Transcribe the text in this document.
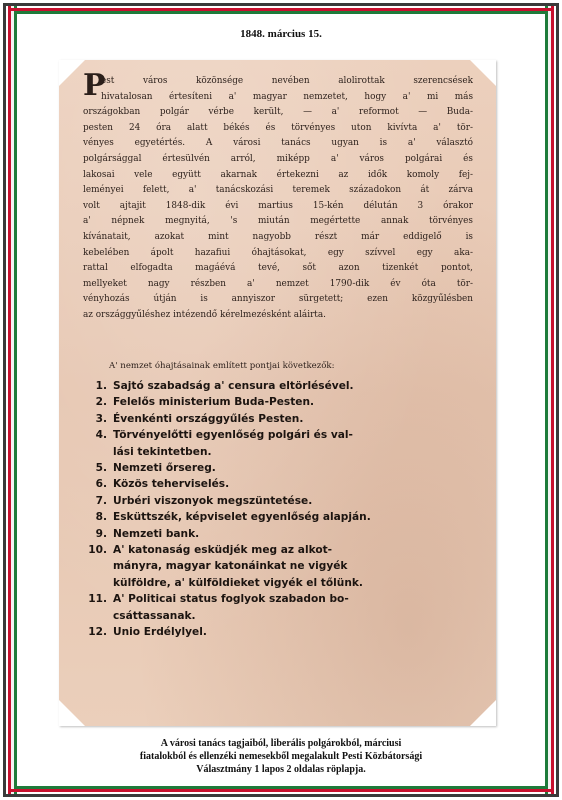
1848. március 15.
P
est város közönsége nevében alolirottak szerencsések
hivatalosan értesíteni a' magyar nemzetet, hogy a' mi más
országokban polgár vérbe került, — a' reformot — Buda-
pesten 24 óra alatt békés és törvényes uton kivívta a' tör-
vényes egyetértés. A városi tanács ugyan is a' választó
polgársággal értesülvén arról, miképp a' város polgárai és
lakosai vele együtt akarnak értekezni az idők komoly fej-
leményei felett, a' tanácskozási teremek századokon át zárva
volt ajtajit 1848-dik évi martius 15-kén délután 3 órakor
a' népnek megnyitá, 's miután megértette annak törvényes
kívánatait, azokat mint nagyobb részt már eddigelő is
kebelében ápolt hazafiui óhajtásokat, egy szívvel egy aka-
rattal elfogadta magáévá tevé, sőt azon tizenkét pontot,
mellyeket nagy részben a' nemzet 1790-dik év óta tör-
vényhozás útján is annyiszor sürgetett; ezen közgyűlésben
az országgyűléshez intézendő kérelmezésként aláirta.
A' nemzet óhajtásainak említett pontjai következők:
1. Sajtó szabadság a' censura eltörlésével.
2. Felelős ministerium Buda-Pesten.
3. Évenkénti országgyűlés Pesten.
4. Törvényelőtti egyenlőség polgári és val-
lási tekintetben.
5. Nemzeti őrsereg.
6. Közös teherviselés.
7. Urbéri viszonyok megszüntetése.
8. Esküttszék, képviselet egyenlőség alapján.
9. Nemzeti bank.
10. A' katonaság esküdjék meg az alkot-
mányra, magyar katonáinkat ne vigyék
külföldre, a' külföldieket vigyék el tőlünk.
11. A' Politicai status foglyok szabadon bo-
csáttassanak.
12. Unio Erdélylyel.
A városi tanács tagjaiból, liberális polgárokból, márciusi
fiatalokból és ellenzéki nemesekből megalakult Pesti Közbátorsági
Választmány 1 lapos 2 oldalas röplapja.
